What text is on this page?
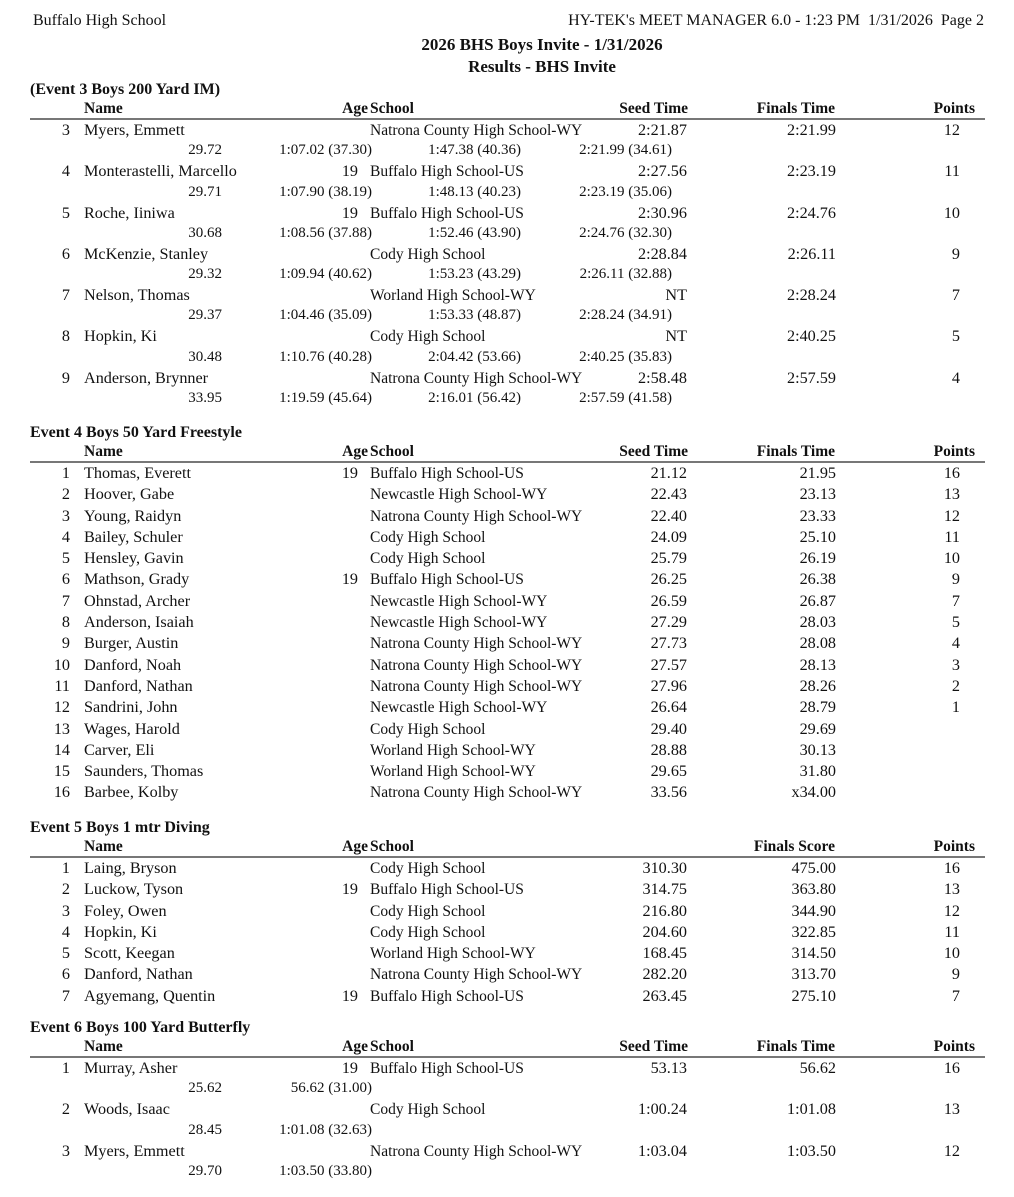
Buffalo High School	HY-TEK's MEET MANAGER 6.0 - 1:23 PM  1/31/2026  Page 2
2026 BHS Boys Invite - 1/31/2026
Results - BHS Invite
(Event 3 Boys 200 Yard IM)
Name	Age School	Seed Time	Finals Time	Points
3 Myers, Emmett	Natrona County High School-WY	2:21.87	2:21.99	12
29.72	1:07.02 (37.30)	1:47.38 (40.36)	2:21.99 (34.61)
4 Monterastelli, Marcello	19 Buffalo High School-US	2:27.56	2:23.19	11
29.71	1:07.90 (38.19)	1:48.13 (40.23)	2:23.19 (35.06)
5 Roche, Iiniwa	19 Buffalo High School-US	2:30.96	2:24.76	10
30.68	1:08.56 (37.88)	1:52.46 (43.90)	2:24.76 (32.30)
6 McKenzie, Stanley	Cody High School	2:28.84	2:26.11	9
29.32	1:09.94 (40.62)	1:53.23 (43.29)	2:26.11 (32.88)
7 Nelson, Thomas	Worland High School-WY	NT	2:28.24	7
29.37	1:04.46 (35.09)	1:53.33 (48.87)	2:28.24 (34.91)
8 Hopkin, Ki	Cody High School	NT	2:40.25	5
30.48	1:10.76 (40.28)	2:04.42 (53.66)	2:40.25 (35.83)
9 Anderson, Brynner	Natrona County High School-WY	2:58.48	2:57.59	4
33.95	1:19.59 (45.64)	2:16.01 (56.42)	2:57.59 (41.58)
Event 4 Boys 50 Yard Freestyle
Name	Age School	Seed Time	Finals Time	Points
1 Thomas, Everett	19 Buffalo High School-US	21.12	21.95	16
2 Hoover, Gabe	Newcastle High School-WY	22.43	23.13	13
3 Young, Raidyn	Natrona County High School-WY	22.40	23.33	12
4 Bailey, Schuler	Cody High School	24.09	25.10	11
5 Hensley, Gavin	Cody High School	25.79	26.19	10
6 Mathson, Grady	19 Buffalo High School-US	26.25	26.38	9
7 Ohnstad, Archer	Newcastle High School-WY	26.59	26.87	7
8 Anderson, Isaiah	Newcastle High School-WY	27.29	28.03	5
9 Burger, Austin	Natrona County High School-WY	27.73	28.08	4
10 Danford, Noah	Natrona County High School-WY	27.57	28.13	3
11 Danford, Nathan	Natrona County High School-WY	27.96	28.26	2
12 Sandrini, John	Newcastle High School-WY	26.64	28.79	1
13 Wages, Harold	Cody High School	29.40	29.69
14 Carver, Eli	Worland High School-WY	28.88	30.13
15 Saunders, Thomas	Worland High School-WY	29.65	31.80
16 Barbee, Kolby	Natrona County High School-WY	33.56	x34.00
Event 5 Boys 1 mtr Diving
Name	Age School	Finals Score	Points
1 Laing, Bryson	Cody High School	310.30	475.00	16
2 Luckow, Tyson	19 Buffalo High School-US	314.75	363.80	13
3 Foley, Owen	Cody High School	216.80	344.90	12
4 Hopkin, Ki	Cody High School	204.60	322.85	11
5 Scott, Keegan	Worland High School-WY	168.45	314.50	10
6 Danford, Nathan	Natrona County High School-WY	282.20	313.70	9
7 Agyemang, Quentin	19 Buffalo High School-US	263.45	275.10	7
Event 6 Boys 100 Yard Butterfly
Name	Age School	Seed Time	Finals Time	Points
1 Murray, Asher	19 Buffalo High School-US	53.13	56.62	16
25.62	56.62 (31.00)
2 Woods, Isaac	Cody High School	1:00.24	1:01.08	13
28.45	1:01.08 (32.63)
3 Myers, Emmett	Natrona County High School-WY	1:03.04	1:03.50	12
29.70	1:03.50 (33.80)
